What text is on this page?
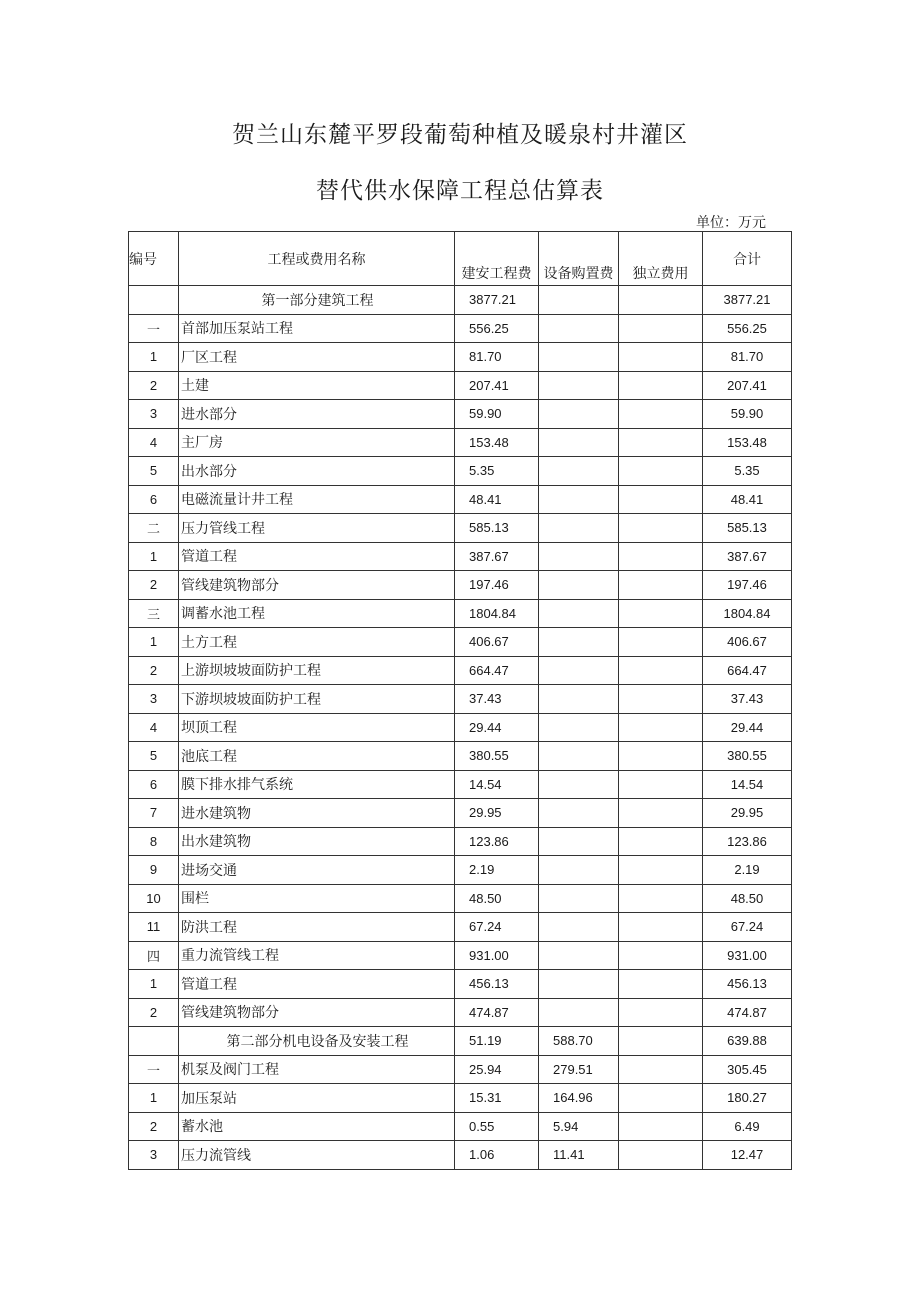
贺兰山东麓平罗段葡萄种植及暖泉村井灌区
替代供水保障工程总估算表
单位：万元
编号	工程或费用名称	建安工程费	设备购置费	独立费用	合计
	第一部分建筑工程	3877.21			3877.21
一	首部加压泵站工程	556.25			556.25
1	厂区工程	81.70			81.70
2	土建	207.41			207.41
3	进水部分	59.90			59.90
4	主厂房	153.48			153.48
5	出水部分	5.35			5.35
6	电磁流量计井工程	48.41			48.41
二	压力管线工程	585.13			585.13
1	管道工程	387.67			387.67
2	管线建筑物部分	197.46			197.46
三	调蓄水池工程	1804.84			1804.84
1	土方工程	406.67			406.67
2	上游坝坡坡面防护工程	664.47			664.47
3	下游坝坡坡面防护工程	37.43			37.43
4	坝顶工程	29.44			29.44
5	池底工程	380.55			380.55
6	膜下排水排气系统	14.54			14.54
7	进水建筑物	29.95			29.95
8	出水建筑物	123.86			123.86
9	进场交通	2.19			2.19
10	围栏	48.50			48.50
11	防洪工程	67.24			67.24
四	重力流管线工程	931.00			931.00
1	管道工程	456.13			456.13
2	管线建筑物部分	474.87			474.87
	第二部分机电设备及安装工程	51.19	588.70		639.88
一	机泵及阀门工程	25.94	279.51		305.45
1	加压泵站	15.31	164.96		180.27
2	蓄水池	0.55	5.94		6.49
3	压力流管线	1.06	11.41		12.47
